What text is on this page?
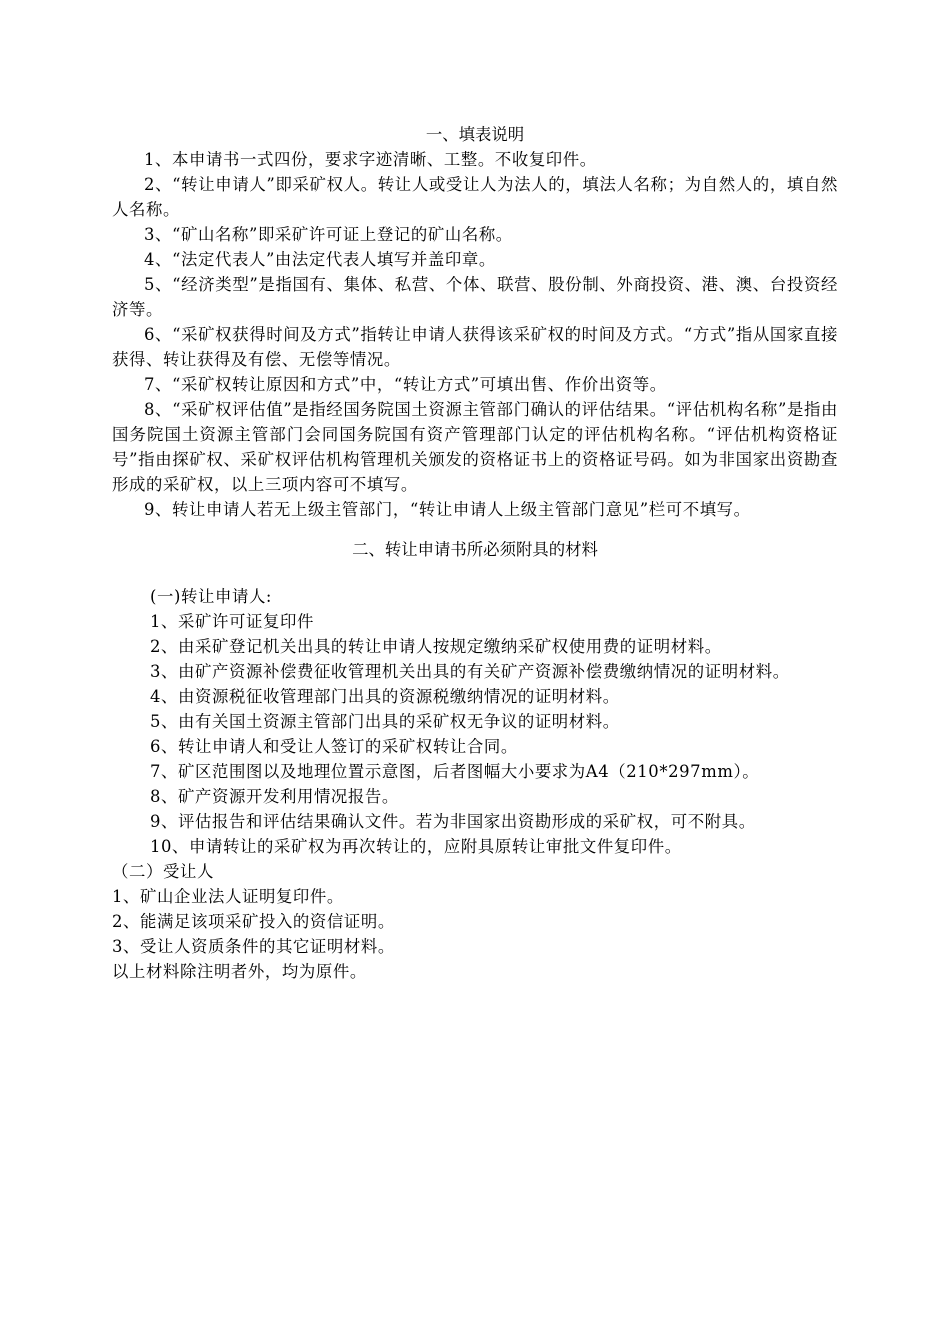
一、填表说明

1、本申请书一式四份，要求字迹清晰、工整。不收复印件。

2、“转让申请人”即采矿权人。转让人或受让人为法人的，填法人名称；为自然人的，填自然人名称。

3、“矿山名称”即采矿许可证上登记的矿山名称。

4、“法定代表人”由法定代表人填写并盖印章。

5、“经济类型”是指国有、集体、私营、个体、联营、股份制、外商投资、港、澳、台投资经济等。

6、“采矿权获得时间及方式”指转让申请人获得该采矿权的时间及方式。“方式”指从国家直接获得、转让获得及有偿、无偿等情况。

7、“采矿权转让原因和方式”中，“转让方式”可填出售、作价出资等。

8、“采矿权评估值”是指经国务院国土资源主管部门确认的评估结果。“评估机构名称”是指由国务院国土资源主管部门会同国务院国有资产管理部门认定的评估机构名称。“评估机构资格证号”指由探矿权、采矿权评估机构管理机关颁发的资格证书上的资格证号码。如为非国家出资勘查形成的采矿权，以上三项内容可不填写。

9、转让申请人若无上级主管部门，“转让申请人上级主管部门意见”栏可不填写。

二、转让申请书所必须附具的材料

(一)转让申请人:

1、采矿许可证复印件

2、由采矿登记机关出具的转让申请人按规定缴纳采矿权使用费的证明材料。

3、由矿产资源补偿费征收管理机关出具的有关矿产资源补偿费缴纳情况的证明材料。

4、由资源税征收管理部门出具的资源税缴纳情况的证明材料。

5、由有关国土资源主管部门出具的采矿权无争议的证明材料。

6、转让申请人和受让人签订的采矿权转让合同。

7、矿区范围图以及地理位置示意图，后者图幅大小要求为A4（210*297mm）。

8、矿产资源开发利用情况报告。

9、评估报告和评估结果确认文件。若为非国家出资勘形成的采矿权，可不附具。

10、申请转让的采矿权为再次转让的，应附具原转让审批文件复印件。

（二）受让人

1、矿山企业法人证明复印件。

2、能满足该项采矿投入的资信证明。

3、受让人资质条件的其它证明材料。

以上材料除注明者外，均为原件。
